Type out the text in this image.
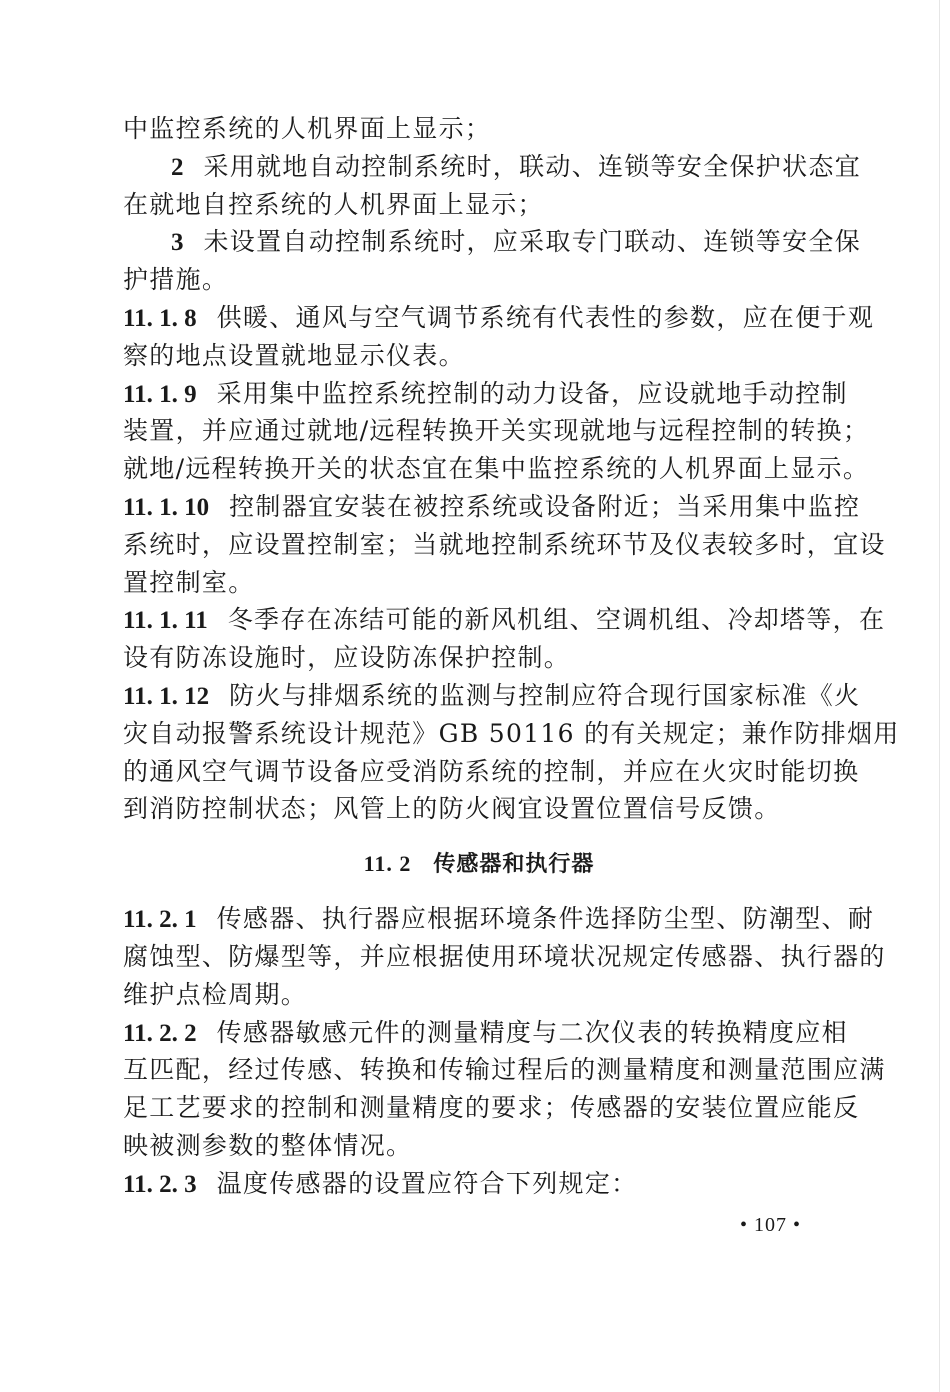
中监控系统的人机界面上显示；
2 采用就地自动控制系统时，联动、连锁等安全保护状态宜
在就地自控系统的人机界面上显示；
3 未设置自动控制系统时，应采取专门联动、连锁等安全保
护措施。
11. 1. 8 供暖、通风与空气调节系统有代表性的参数，应在便于观
察的地点设置就地显示仪表。
11. 1. 9 采用集中监控系统控制的动力设备，应设就地手动控制
装置，并应通过就地/远程转换开关实现就地与远程控制的转换；
就地/远程转换开关的状态宜在集中监控系统的人机界面上显示。
11. 1. 10 控制器宜安装在被控系统或设备附近；当采用集中监控
系统时，应设置控制室；当就地控制系统环节及仪表较多时，宜设
置控制室。
11. 1. 11 冬季存在冻结可能的新风机组、空调机组、冷却塔等，在
设有防冻设施时，应设防冻保护控制。
11. 1. 12 防火与排烟系统的监测与控制应符合现行国家标准《火
灾自动报警系统设计规范》GB 50116 的有关规定；兼作防排烟用
的通风空气调节设备应受消防系统的控制，并应在火灾时能切换
到消防控制状态；风管上的防火阀宜设置位置信号反馈。
11. 2 传感器和执行器
11. 2. 1 传感器、执行器应根据环境条件选择防尘型、防潮型、耐
腐蚀型、防爆型等，并应根据使用环境状况规定传感器、执行器的
维护点检周期。
11. 2. 2 传感器敏感元件的测量精度与二次仪表的转换精度应相
互匹配，经过传感、转换和传输过程后的测量精度和测量范围应满
足工艺要求的控制和测量精度的要求；传感器的安装位置应能反
映被测参数的整体情况。
11. 2. 3 温度传感器的设置应符合下列规定：
• 107 •
